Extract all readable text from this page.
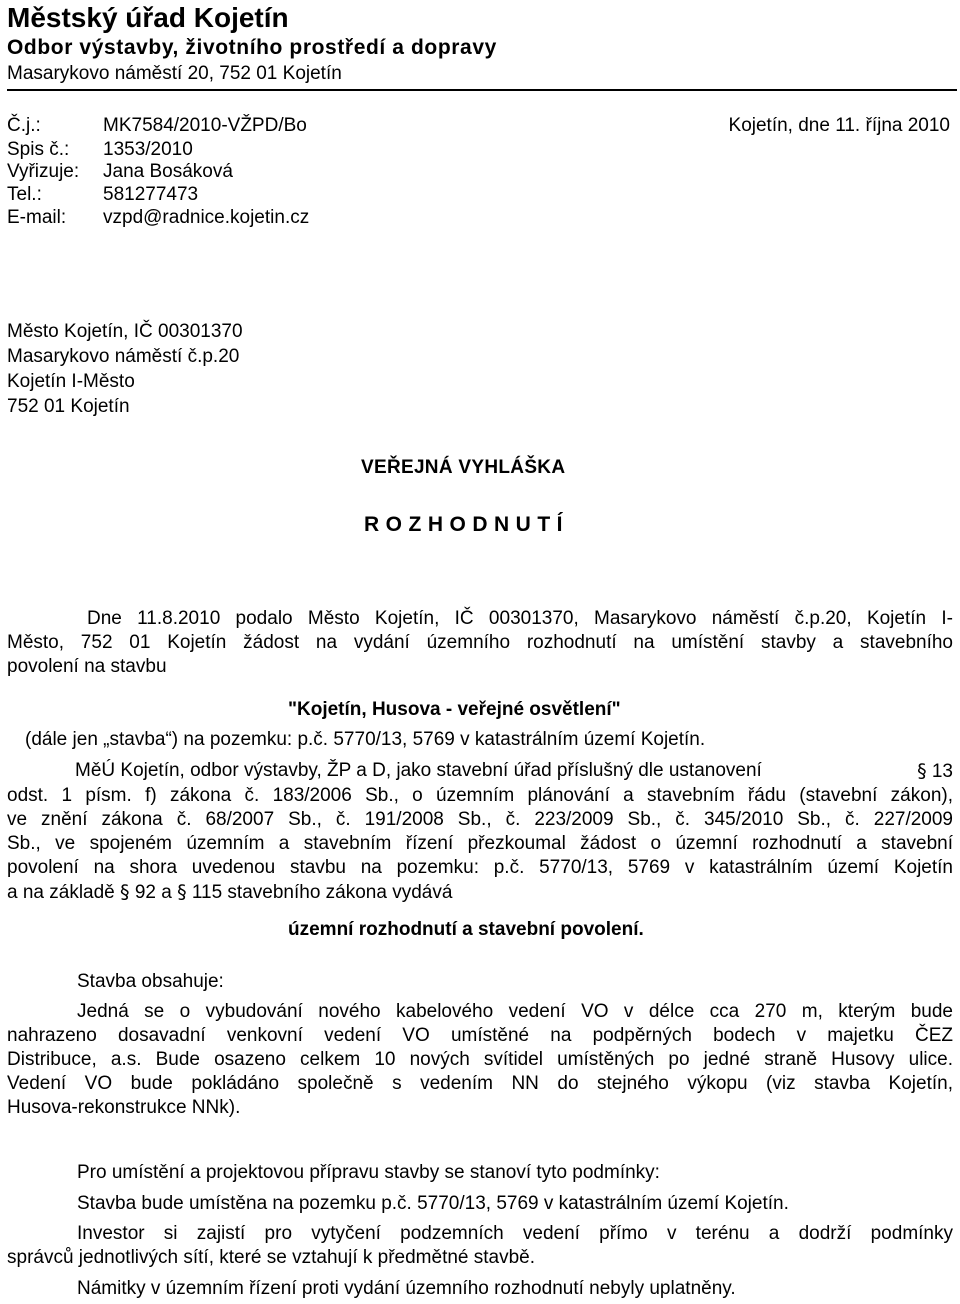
Městský úřad Kojetín
Odbor výstavby, životního prostředí a dopravy
Masarykovo náměstí 20, 752 01 Kojetín
Č.j.:	MK7584/2010-VŽPD/Bo	Kojetín, dne 11. října 2010
Spis č.: 1353/2010
Vyřizuje: Jana Bosáková
Tel.:	581277473
E-mail: vzpd@radnice.kojetin.cz
Město Kojetín, IČ 00301370
Masarykovo náměstí č.p.20
Kojetín I-Město
752 01 Kojetín
VEŘEJNÁ VYHLÁŠKA
ROZHODNUTÍ
Dne 11.8.2010 podalo Město Kojetín, IČ 00301370, Masarykovo náměstí č.p.20, Kojetín I-
Město, 752 01 Kojetín žádost na vydání územního rozhodnutí na umístění stavby a stavebního
povolení na stavbu
"Kojetín, Husova - veřejné osvětlení"
(dále jen „stavba“) na pozemku: p.č. 5770/13, 5769 v katastrálním území Kojetín.
MěÚ Kojetín, odbor výstavby, ŽP a D, jako stavební úřad příslušný dle ustanovení	§ 13
odst. 1 písm. f) zákona č. 183/2006 Sb., o územním plánování a stavebním řádu (stavební zákon),
ve znění zákona č. 68/2007 Sb., č. 191/2008 Sb., č. 223/2009 Sb., č. 345/2010 Sb., č. 227/2009
Sb., ve spojeném územním a stavebním řízení přezkoumal žádost o územní rozhodnutí a stavební
povolení na shora uvedenou stavbu na pozemku: p.č. 5770/13, 5769 v katastrálním území Kojetín
a na základě § 92 a § 115 stavebního zákona vydává
územní rozhodnutí a stavební povolení.
Stavba obsahuje:
Jedná se o vybudování nového kabelového vedení VO v délce cca 270 m, kterým bude
nahrazeno dosavadní venkovní vedení VO umístěné na podpěrných bodech v majetku ČEZ
Distribuce, a.s. Bude osazeno celkem 10 nových svítidel umístěných po jedné straně Husovy ulice.
Vedení VO bude pokládáno společně s vedením NN do stejného výkopu (viz stavba Kojetín,
Husova-rekonstrukce NNk).
Pro umístění a projektovou přípravu stavby se stanoví tyto podmínky:
Stavba bude umístěna na pozemku p.č. 5770/13, 5769 v katastrálním území Kojetín.
Investor si zajistí pro vytyčení podzemních vedení přímo v terénu a dodrží podmínky
správců jednotlivých sítí, které se vztahují k předmětné stavbě.
Námitky v územním řízení proti vydání územního rozhodnutí nebyly uplatněny.
